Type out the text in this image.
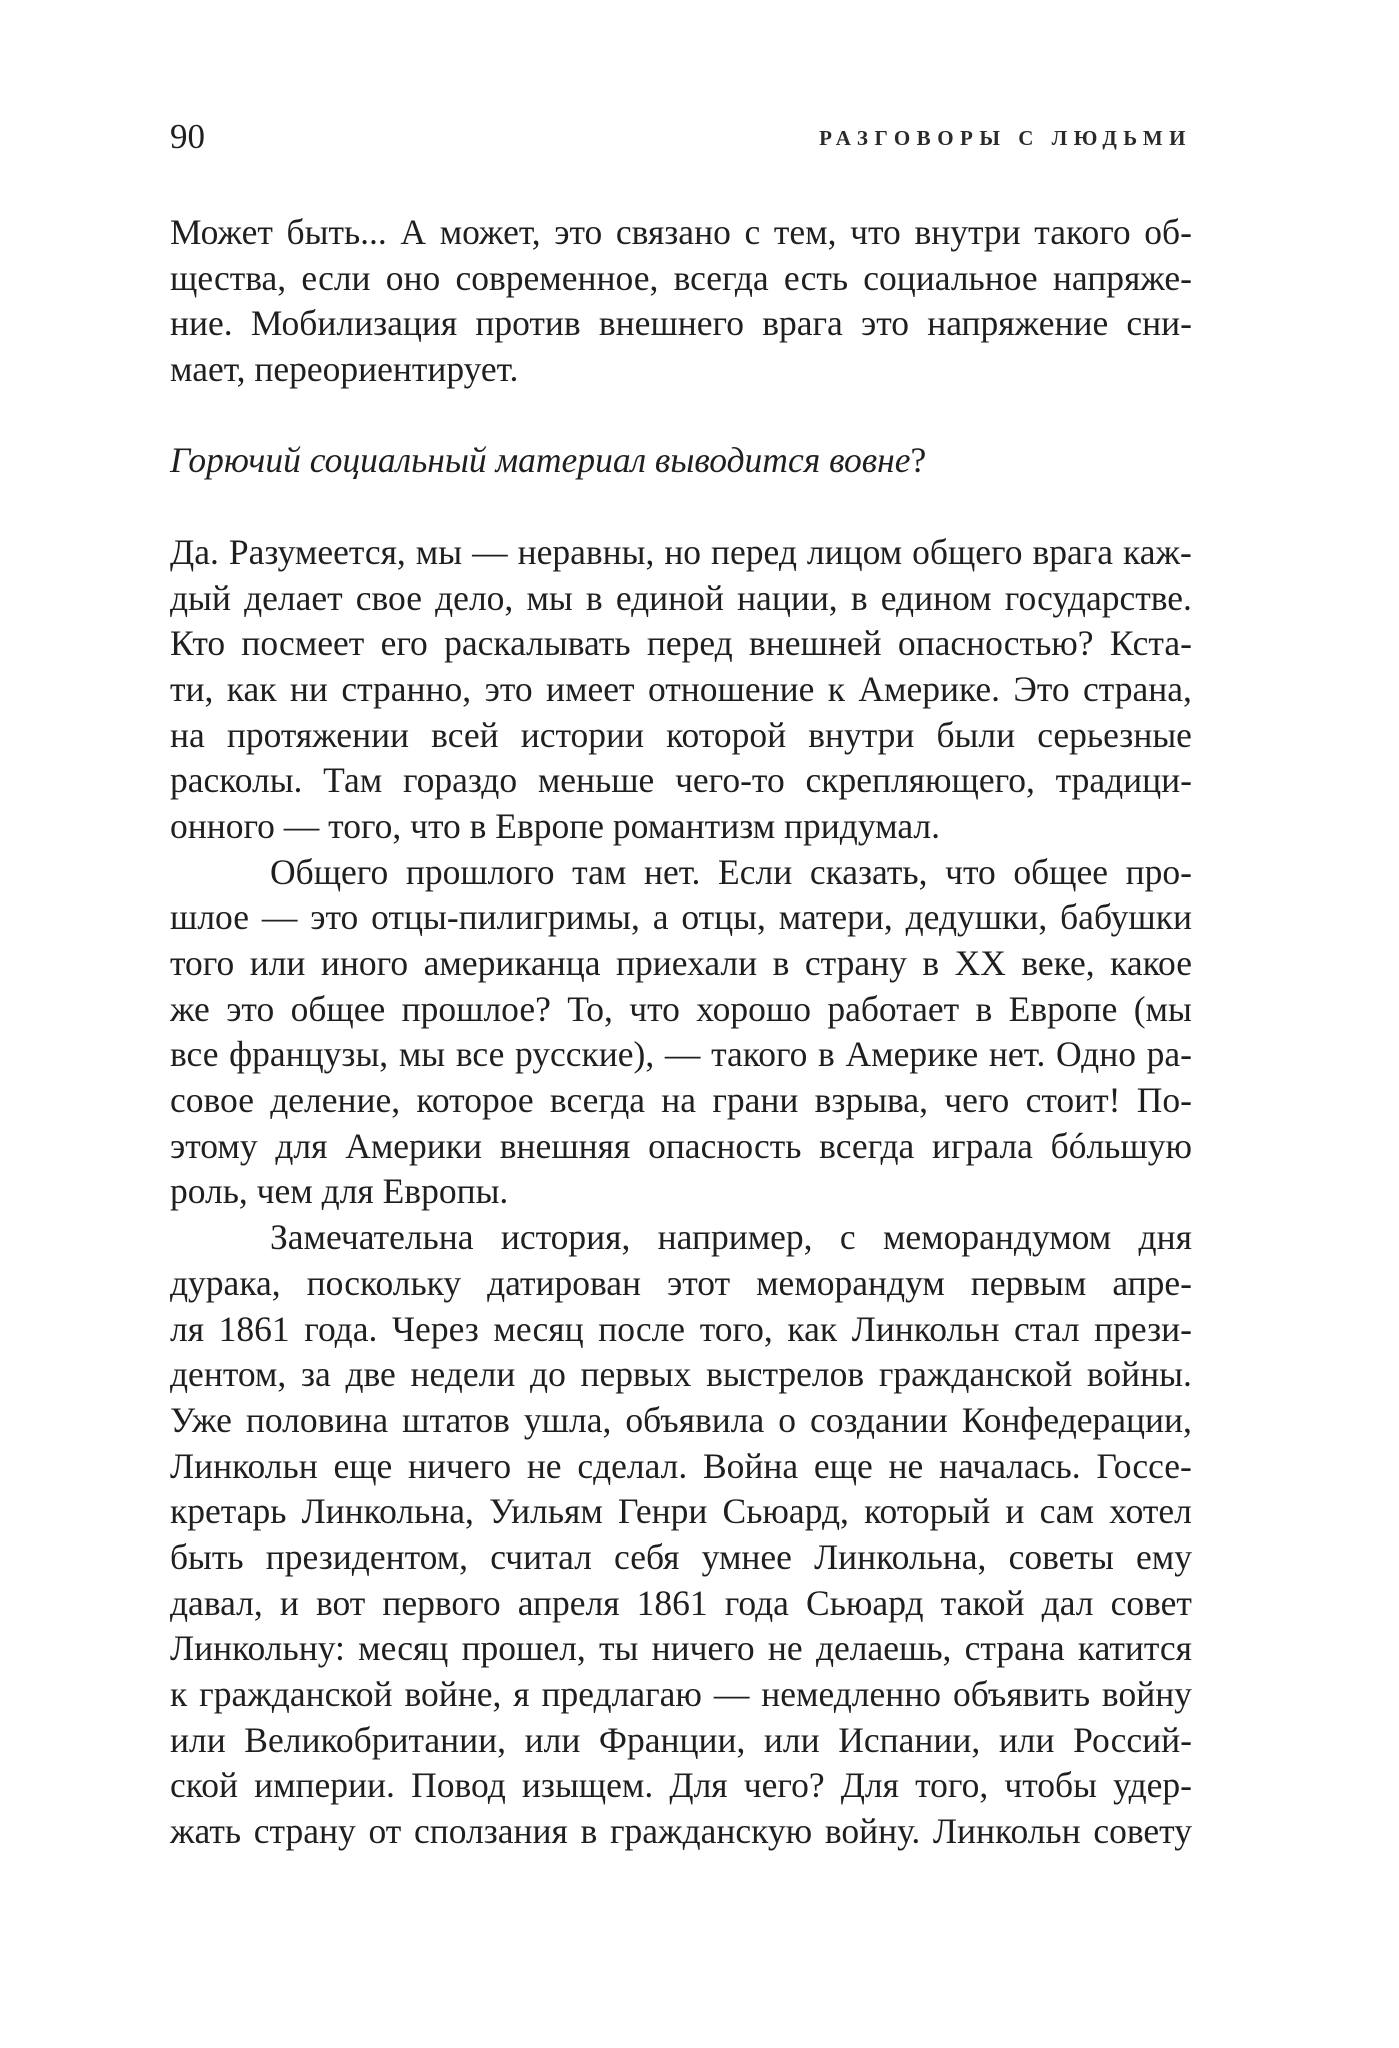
90	РАЗГОВОРЫ С ЛЮДЬМИ
Может быть... А может, это связано с тем, что внутри такого об-
щества, если оно современное, всегда есть социальное напряже-
ние. Мобилизация против внешнего врага это напряжение сни-
мает, переориентирует.
Горючий социальный материал выводится вовне?
Да. Разумеется, мы — неравны, но перед лицом общего врага каж-
дый делает свое дело, мы в единой нации, в едином государстве.
Кто посмеет его раскалывать перед внешней опасностью? Кста-
ти, как ни странно, это имеет отношение к Америке. Это страна,
на протяжении всей истории которой внутри были серьезные
расколы. Там гораздо меньше чего-то скрепляющего, традици-
онного — того, что в Европе романтизм придумал.
Общего прошлого там нет. Если сказать, что общее про-
шлое — это отцы-пилигримы, а отцы, матери, дедушки, бабушки
того или иного американца приехали в страну в XX веке, какое
же это общее прошлое? То, что хорошо работает в Европе (мы
все французы, мы все русские), — такого в Америке нет. Одно ра-
совое деление, которое всегда на грани взрыва, чего стоит! По-
этому для Америки внешняя опасность всегда играла бóльшую
роль, чем для Европы.
Замечательна история, например, с меморандумом дня
дурака, поскольку датирован этот меморандум первым апре-
ля 1861 года. Через месяц после того, как Линкольн стал прези-
дентом, за две недели до первых выстрелов гражданской войны.
Уже половина штатов ушла, объявила о создании Конфедерации,
Линкольн еще ничего не сделал. Война еще не началась. Госсе-
кретарь Линкольна, Уильям Генри Сьюард, который и сам хотел
быть президентом, считал себя умнее Линкольна, советы ему
давал, и вот первого апреля 1861 года Сьюард такой дал совет
Линкольну: месяц прошел, ты ничего не делаешь, страна катится
к гражданской войне, я предлагаю — немедленно объявить войну
или Великобритании, или Франции, или Испании, или Россий-
ской империи. Повод изыщем. Для чего? Для того, чтобы удер-
жать страну от сползания в гражданскую войну. Линкольн совету
